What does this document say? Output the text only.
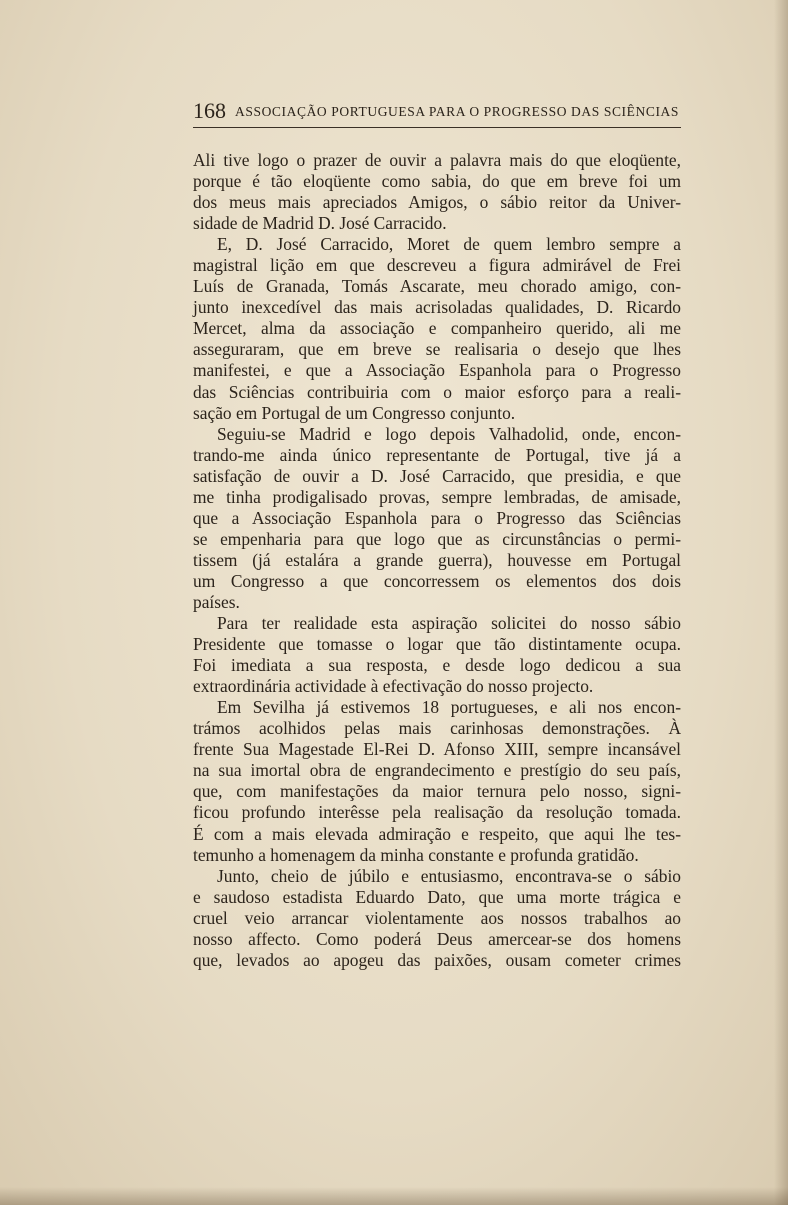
168 ASSOCIAÇÃO PORTUGUESA PARA O PROGRESSO DAS SCIÊNCIAS
Ali tive logo o prazer de ouvir a palavra mais do que eloqüente,
porque é tão eloqüente como sabia, do que em breve foi um
dos meus mais apreciados Amigos, o sábio reitor da Univer-
sidade de Madrid D. José Carracido.
E, D. José Carracido, Moret de quem lembro sempre a
magistral lição em que descreveu a figura admirável de Frei
Luís de Granada, Tomás Ascarate, meu chorado amigo, con-
junto inexcedível das mais acrisoladas qualidades, D. Ricardo
Mercet, alma da associação e companheiro querido, ali me
asseguraram, que em breve se realisaria o desejo que lhes
manifestei, e que a Associação Espanhola para o Progresso
das Sciências contribuiria com o maior esforço para a reali-
sação em Portugal de um Congresso conjunto.
Seguiu-se Madrid e logo depois Valhadolid, onde, encon-
trando-me ainda único representante de Portugal, tive já a
satisfação de ouvir a D. José Carracido, que presidia, e que
me tinha prodigalisado provas, sempre lembradas, de amisade,
que a Associação Espanhola para o Progresso das Sciências
se empenharia para que logo que as circunstâncias o permi-
tissem (já estalára a grande guerra), houvesse em Portugal
um Congresso a que concorressem os elementos dos dois
países.
Para ter realidade esta aspiração solicitei do nosso sábio
Presidente que tomasse o logar que tão distintamente ocupa.
Foi imediata a sua resposta, e desde logo dedicou a sua
extraordinária actividade à efectivação do nosso projecto.
Em Sevilha já estivemos 18 portugueses, e ali nos encon-
trámos acolhidos pelas mais carinhosas demonstrações. À
frente Sua Magestade El-Rei D. Afonso XIII, sempre incansável
na sua imortal obra de engrandecimento e prestígio do seu país,
que, com manifestações da maior ternura pelo nosso, signi-
ficou profundo interêsse pela realisação da resolução tomada.
É com a mais elevada admiração e respeito, que aqui lhe tes-
temunho a homenagem da minha constante e profunda gratidão.
Junto, cheio de júbilo e entusiasmo, encontrava-se o sábio
e saudoso estadista Eduardo Dato, que uma morte trágica e
cruel veio arrancar violentamente aos nossos trabalhos ao
nosso affecto. Como poderá Deus amercear-se dos homens
que, levados ao apogeu das paixões, ousam cometer crimes
